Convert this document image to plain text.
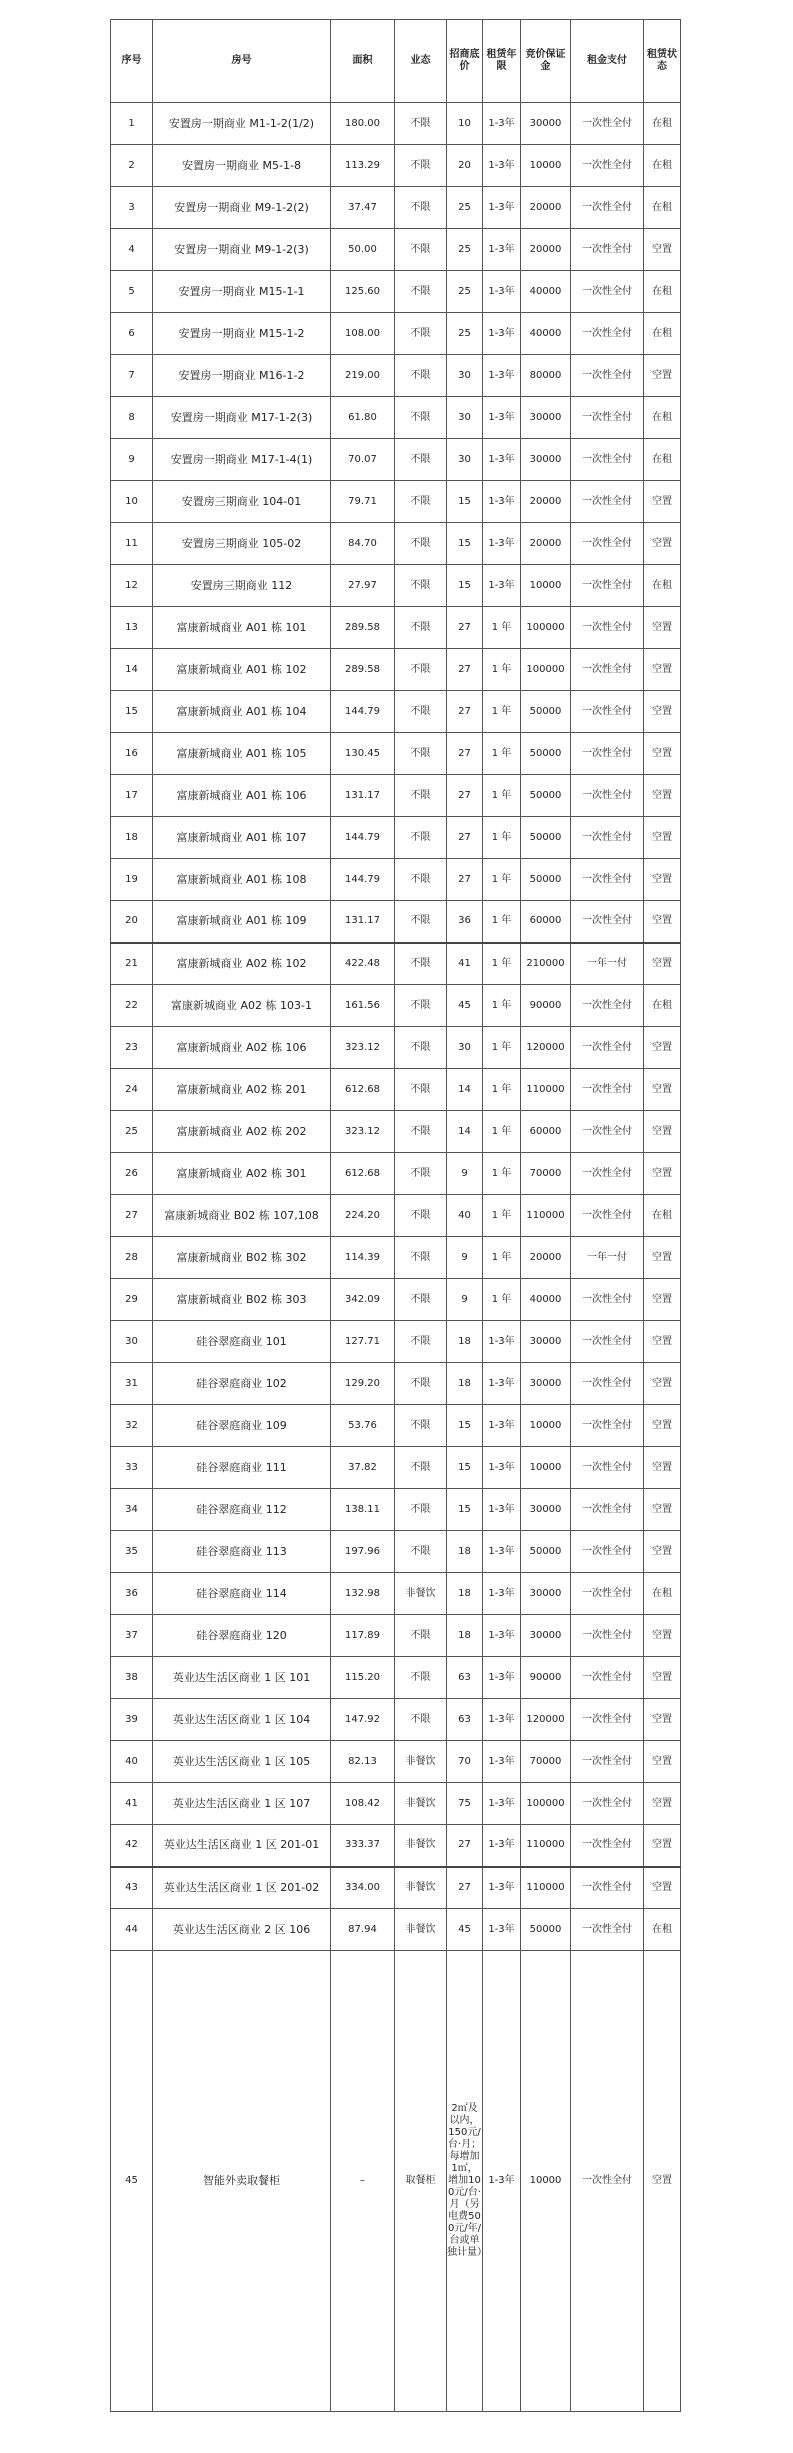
序号	房号	面积	业态	招商底价	租赁年限	竞价保证金	租金支付	租赁状态
1	安置房一期商业 M1-1-2(1/2)	180.00	不限	10	1-3年	30000	一次性全付	在租
2	安置房一期商业 M5-1-8	113.29	不限	20	1-3年	10000	一次性全付	在租
3	安置房一期商业 M9-1-2(2)	37.47	不限	25	1-3年	20000	一次性全付	在租
4	安置房一期商业 M9-1-2(3)	50.00	不限	25	1-3年	20000	一次性全付	空置
5	安置房一期商业 M15-1-1	125.60	不限	25	1-3年	40000	一次性全付	在租
6	安置房一期商业 M15-1-2	108.00	不限	25	1-3年	40000	一次性全付	在租
7	安置房一期商业 M16-1-2	219.00	不限	30	1-3年	80000	一次性全付	空置
8	安置房一期商业 M17-1-2(3)	61.80	不限	30	1-3年	30000	一次性全付	在租
9	安置房一期商业 M17-1-4(1)	70.07	不限	30	1-3年	30000	一次性全付	在租
10	安置房三期商业 104-01	79.71	不限	15	1-3年	20000	一次性全付	空置
11	安置房三期商业 105-02	84.70	不限	15	1-3年	20000	一次性全付	空置
12	安置房三期商业 112	27.97	不限	15	1-3年	10000	一次性全付	在租
13	富康新城商业 A01 栋 101	289.58	不限	27	1 年	100000	一次性全付	空置
14	富康新城商业 A01 栋 102	289.58	不限	27	1 年	100000	一次性全付	空置
15	富康新城商业 A01 栋 104	144.79	不限	27	1 年	50000	一次性全付	空置
16	富康新城商业 A01 栋 105	130.45	不限	27	1 年	50000	一次性全付	空置
17	富康新城商业 A01 栋 106	131.17	不限	27	1 年	50000	一次性全付	空置
18	富康新城商业 A01 栋 107	144.79	不限	27	1 年	50000	一次性全付	空置
19	富康新城商业 A01 栋 108	144.79	不限	27	1 年	50000	一次性全付	空置
20	富康新城商业 A01 栋 109	131.17	不限	36	1 年	60000	一次性全付	空置
21	富康新城商业 A02 栋 102	422.48	不限	41	1 年	210000	一年一付	空置
22	富康新城商业 A02 栋 103-1	161.56	不限	45	1 年	90000	一次性全付	在租
23	富康新城商业 A02 栋 106	323.12	不限	30	1 年	120000	一次性全付	空置
24	富康新城商业 A02 栋 201	612.68	不限	14	1 年	110000	一次性全付	空置
25	富康新城商业 A02 栋 202	323.12	不限	14	1 年	60000	一次性全付	空置
26	富康新城商业 A02 栋 301	612.68	不限	9	1 年	70000	一次性全付	空置
27	富康新城商业 B02 栋 107,108	224.20	不限	40	1 年	110000	一次性全付	在租
28	富康新城商业 B02 栋 302	114.39	不限	9	1 年	20000	一年一付	空置
29	富康新城商业 B02 栋 303	342.09	不限	9	1 年	40000	一次性全付	空置
30	硅谷翠庭商业 101	127.71	不限	18	1-3年	30000	一次性全付	空置
31	硅谷翠庭商业 102	129.20	不限	18	1-3年	30000	一次性全付	空置
32	硅谷翠庭商业 109	53.76	不限	15	1-3年	10000	一次性全付	空置
33	硅谷翠庭商业 111	37.82	不限	15	1-3年	10000	一次性全付	空置
34	硅谷翠庭商业 112	138.11	不限	15	1-3年	30000	一次性全付	空置
35	硅谷翠庭商业 113	197.96	不限	18	1-3年	50000	一次性全付	空置
36	硅谷翠庭商业 114	132.98	非餐饮	18	1-3年	30000	一次性全付	在租
37	硅谷翠庭商业 120	117.89	不限	18	1-3年	30000	一次性全付	空置
38	英业达生活区商业 1 区 101	115.20	不限	63	1-3年	90000	一次性全付	空置
39	英业达生活区商业 1 区 104	147.92	不限	63	1-3年	120000	一次性全付	空置
40	英业达生活区商业 1 区 105	82.13	非餐饮	70	1-3年	70000	一次性全付	空置
41	英业达生活区商业 1 区 107	108.42	非餐饮	75	1-3年	100000	一次性全付	空置
42	英业达生活区商业 1 区 201-01	333.37	非餐饮	27	1-3年	110000	一次性全付	空置
43	英业达生活区商业 1 区 201-02	334.00	非餐饮	27	1-3年	110000	一次性全付	空置
44	英业达生活区商业 2 区 106	87.94	非餐饮	45	1-3年	50000	一次性全付	在租
45	智能外卖取餐柜	–	取餐柜	2㎡及以内，150元/台·月；每增加1㎡，增加100元/台·月（另电费500元/年/台或单独计量）	1-3年	10000	一次性全付	空置
